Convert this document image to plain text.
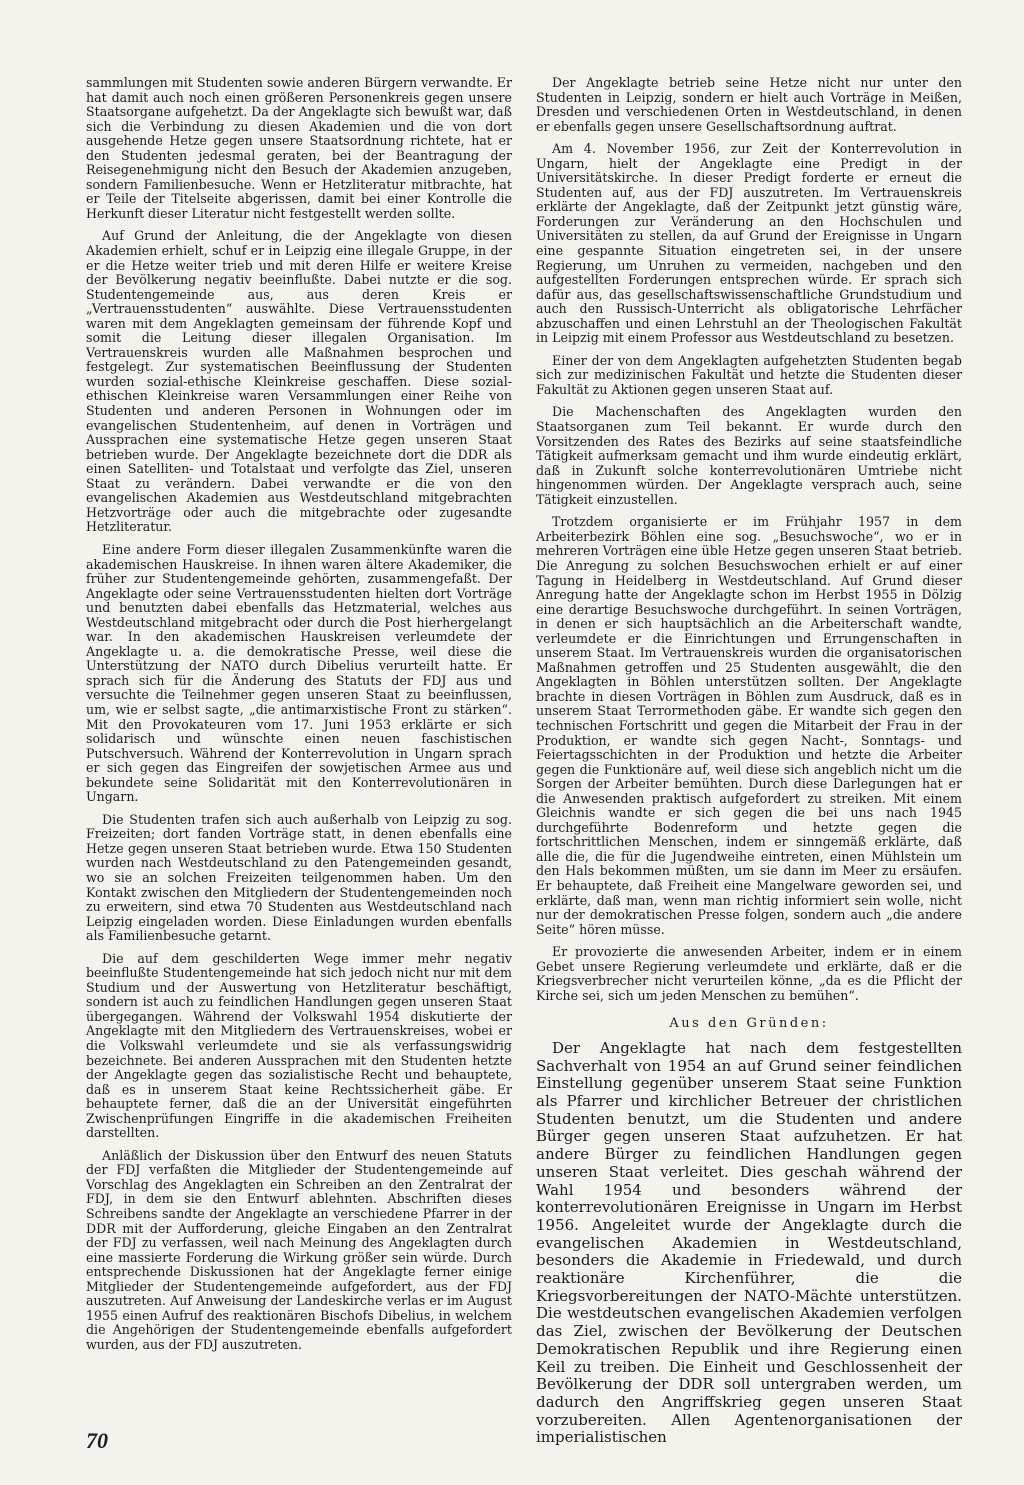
sammlungen mit Studenten sowie anderen Bürgern verwandte. Er hat damit auch noch einen größeren Personenkreis gegen unsere Staatsorgane aufgehetzt. Da der Angeklagte sich bewußt war, daß sich die Verbindung zu diesen Akademien und die von dort ausgehende Hetze gegen unsere Staatsordnung richtete, hat er den Studenten jedesmal geraten, bei der Beantragung der Reisegenehmigung nicht den Besuch der Akademien anzugeben, sondern Familienbesuche. Wenn er Hetzliteratur mitbrachte, hat er Teile der Titelseite abgerissen, damit bei einer Kontrolle die Herkunft dieser Literatur nicht festgestellt werden sollte.

Auf Grund der Anleitung, die der Angeklagte von diesen Akademien erhielt, schuf er in Leipzig eine illegale Gruppe, in der er die Hetze weiter trieb und mit deren Hilfe er weitere Kreise der Bevölkerung negativ beeinflußte. Dabei nutzte er die sog. Studentengemeinde aus, aus deren Kreis er „Vertrauensstudenten“ auswählte. Diese Vertrauensstudenten waren mit dem Angeklagten gemeinsam der führende Kopf und somit die Leitung dieser illegalen Organisation. Im Vertrauenskreis wurden alle Maßnahmen besprochen und festgelegt. Zur systematischen Beeinflussung der Studenten wurden sozial-ethische Kleinkreise geschaffen. Diese sozial-ethischen Kleinkreise waren Versammlungen einer Reihe von Studenten und anderen Personen in Wohnungen oder im evangelischen Studentenheim, auf denen in Vorträgen und Aussprachen eine systematische Hetze gegen unseren Staat betrieben wurde. Der Angeklagte bezeichnete dort die DDR als einen Satelliten- und Totalstaat und verfolgte das Ziel, unseren Staat zu verändern. Dabei verwandte er die von den evangelischen Akademien aus Westdeutschland mitgebrachten Hetzvorträge oder auch die mitgebrachte oder zugesandte Hetzliteratur.

Eine andere Form dieser illegalen Zusammenkünfte waren die akademischen Hauskreise. In ihnen waren ältere Akademiker, die früher zur Studentengemeinde gehörten, zusammengefaßt. Der Angeklagte oder seine Vertrauensstudenten hielten dort Vorträge und benutzten dabei ebenfalls das Hetzmaterial, welches aus Westdeutschland mitgebracht oder durch die Post hierhergelangt war. In den akademischen Hauskreisen verleumdete der Angeklagte u. a. die demokratische Presse, weil diese die Unterstützung der NATO durch Dibelius verurteilt hatte. Er sprach sich für die Änderung des Statuts der FDJ aus und versuchte die Teilnehmer gegen unseren Staat zu beeinflussen, um, wie er selbst sagte, „die antimarxistische Front zu stärken“. Mit den Provokateuren vom 17. Juni 1953 erklärte er sich solidarisch und wünschte einen neuen faschistischen Putschversuch. Während der Konterrevolution in Ungarn sprach er sich gegen das Eingreifen der sowjetischen Armee aus und bekundete seine Solidarität mit den Konterrevolutionären in Ungarn.

Die Studenten trafen sich auch außerhalb von Leipzig zu sog. Freizeiten; dort fanden Vorträge statt, in denen ebenfalls eine Hetze gegen unseren Staat betrieben wurde. Etwa 150 Studenten wurden nach Westdeutschland zu den Patengemeinden gesandt, wo sie an solchen Freizeiten teilgenommen haben. Um den Kontakt zwischen den Mitgliedern der Studentengemeinden noch zu erweitern, sind etwa 70 Studenten aus Westdeutschland nach Leipzig eingeladen worden. Diese Einladungen wurden ebenfalls als Familienbesuche getarnt.

Die auf dem geschilderten Wege immer mehr negativ beeinflußte Studentengemeinde hat sich jedoch nicht nur mit dem Studium und der Auswertung von Hetzliteratur beschäftigt, sondern ist auch zu feindlichen Handlungen gegen unseren Staat übergegangen. Während der Volkswahl 1954 diskutierte der Angeklagte mit den Mitgliedern des Vertrauenskreises, wobei er die Volkswahl verleumdete und sie als verfassungswidrig bezeichnete. Bei anderen Aussprachen mit den Studenten hetzte der Angeklagte gegen das sozialistische Recht und behauptete, daß es in unserem Staat keine Rechtssicherheit gäbe. Er behauptete ferner, daß die an der Universität eingeführten Zwischenprüfungen Eingriffe in die akademischen Freiheiten darstellten.

Anläßlich der Diskussion über den Entwurf des neuen Statuts der FDJ verfaßten die Mitglieder der Studentengemeinde auf Vorschlag des Angeklagten ein Schreiben an den Zentralrat der FDJ, in dem sie den Entwurf ablehnten. Abschriften dieses Schreibens sandte der Angeklagte an verschiedene Pfarrer in der DDR mit der Aufforderung, gleiche Eingaben an den Zentralrat der FDJ zu verfassen, weil nach Meinung des Angeklagten durch eine massierte Forderung die Wirkung größer sein würde. Durch entsprechende Diskussionen hat der Angeklagte ferner einige Mitglieder der Studentengemeinde aufgefordert, aus der FDJ auszutreten. Auf Anweisung der Landeskirche verlas er im August 1955 einen Aufruf des reaktionären Bischofs Dibelius, in welchem die Angehörigen der Studentengemeinde ebenfalls aufgefordert wurden, aus der FDJ auszutreten.

Der Angeklagte betrieb seine Hetze nicht nur unter den Studenten in Leipzig, sondern er hielt auch Vorträge in Meißen, Dresden und verschiedenen Orten in Westdeutschland, in denen er ebenfalls gegen unsere Gesellschaftsordnung auftrat.

Am 4. November 1956, zur Zeit der Konterrevolution in Ungarn, hielt der Angeklagte eine Predigt in der Universitätskirche. In dieser Predigt forderte er erneut die Studenten auf, aus der FDJ auszutreten. Im Vertrauenskreis erklärte der Angeklagte, daß der Zeitpunkt jetzt günstig wäre, Forderungen zur Veränderung an den Hochschulen und Universitäten zu stellen, da auf Grund der Ereignisse in Ungarn eine gespannte Situation eingetreten sei, in der unsere Regierung, um Unruhen zu vermeiden, nachgeben und den aufgestellten Forderungen entsprechen würde. Er sprach sich dafür aus, das gesellschaftswissenschaftliche Grundstudium und auch den Russisch-Unterricht als obligatorische Lehrfächer abzuschaffen und einen Lehrstuhl an der Theologischen Fakultät in Leipzig mit einem Professor aus Westdeutschland zu besetzen.

Einer der von dem Angeklagten aufgehetzten Studenten begab sich zur medizinischen Fakultät und hetzte die Studenten dieser Fakultät zu Aktionen gegen unseren Staat auf.

Die Machenschaften des Angeklagten wurden den Staatsorganen zum Teil bekannt. Er wurde durch den Vorsitzenden des Rates des Bezirks auf seine staatsfeindliche Tätigkeit aufmerksam gemacht und ihm wurde eindeutig erklärt, daß in Zukunft solche konterrevolutionären Umtriebe nicht hingenommen würden. Der Angeklagte versprach auch, seine Tätigkeit einzustellen.

Trotzdem organisierte er im Frühjahr 1957 in dem Arbeiterbezirk Böhlen eine sog. „Besuchswoche“, wo er in mehreren Vorträgen eine üble Hetze gegen unseren Staat betrieb. Die Anregung zu solchen Besuchswochen erhielt er auf einer Tagung in Heidelberg in Westdeutschland. Auf Grund dieser Anregung hatte der Angeklagte schon im Herbst 1955 in Dölzig eine derartige Besuchswoche durchgeführt. In seinen Vorträgen, in denen er sich hauptsächlich an die Arbeiterschaft wandte, verleumdete er die Einrichtungen und Errungenschaften in unserem Staat. Im Vertrauenskreis wurden die organisatorischen Maßnahmen getroffen und 25 Studenten ausgewählt, die den Angeklagten in Böhlen unterstützen sollten. Der Angeklagte brachte in diesen Vorträgen in Böhlen zum Ausdruck, daß es in unserem Staat Terrormethoden gäbe. Er wandte sich gegen den technischen Fortschritt und gegen die Mitarbeit der Frau in der Produktion, er wandte sich gegen Nacht-, Sonntags- und Feiertagsschichten in der Produktion und hetzte die Arbeiter gegen die Funktionäre auf, weil diese sich angeblich nicht um die Sorgen der Arbeiter bemühten. Durch diese Darlegungen hat er die Anwesenden praktisch aufgefordert zu streiken. Mit einem Gleichnis wandte er sich gegen die bei uns nach 1945 durchgeführte Bodenreform und hetzte gegen die fortschrittlichen Menschen, indem er sinngemäß erklärte, daß alle die, die für die Jugendweihe eintreten, einen Mühlstein um den Hals bekommen müßten, um sie dann im Meer zu ersäufen. Er behauptete, daß Freiheit eine Mangelware geworden sei, und erklärte, daß man, wenn man richtig informiert sein wolle, nicht nur der demokratischen Presse folgen, sondern auch „die andere Seite“ hören müsse.

Er provozierte die anwesenden Arbeiter, indem er in einem Gebet unsere Regierung verleumdete und erklärte, daß er die Kriegsverbrecher nicht verurteilen könne, „da es die Pflicht der Kirche sei, sich um jeden Menschen zu bemühen“.

Aus den Gründen:

Der Angeklagte hat nach dem festgestellten Sachverhalt von 1954 an auf Grund seiner feindlichen Einstellung gegenüber unserem Staat seine Funktion als Pfarrer und kirchlicher Betreuer der christlichen Studenten benutzt, um die Studenten und andere Bürger gegen unseren Staat aufzuhetzen. Er hat andere Bürger zu feindlichen Handlungen gegen unseren Staat verleitet. Dies geschah während der Wahl 1954 und besonders während der konterrevolutionären Ereignisse in Ungarn im Herbst 1956. Angeleitet wurde der Angeklagte durch die evangelischen Akademien in Westdeutschland, besonders die Akademie in Friedewald, und durch reaktionäre Kirchenführer, die die Kriegsvorbereitungen der NATO-Mächte unterstützen. Die westdeutschen evangelischen Akademien verfolgen das Ziel, zwischen der Bevölkerung der Deutschen Demokratischen Republik und ihre Regierung einen Keil zu treiben. Die Einheit und Geschlossenheit der Bevölkerung der DDR soll untergraben werden, um dadurch den Angriffskrieg gegen unseren Staat vorzubereiten. Allen Agentenorganisationen der imperialistischen

70
